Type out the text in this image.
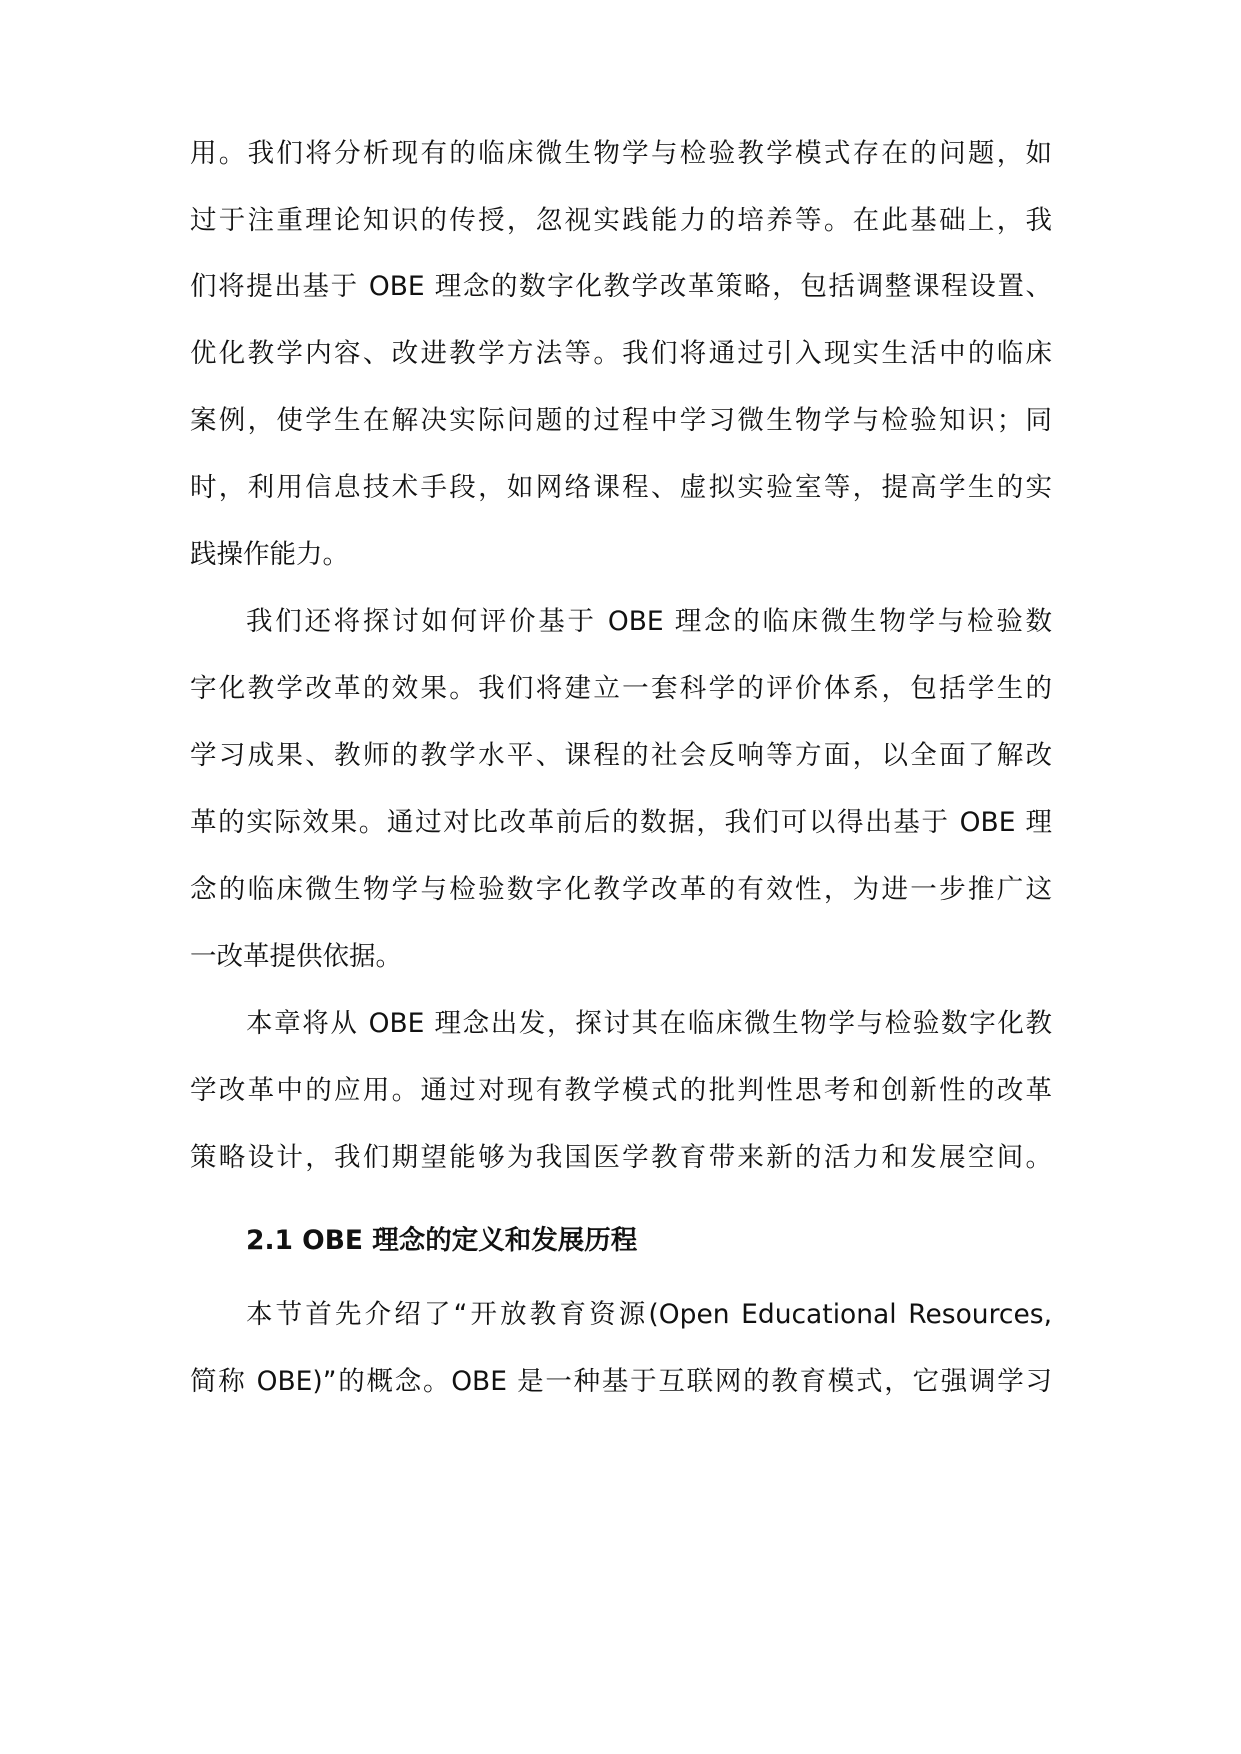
用。我们将分析现有的临床微生物学与检验教学模式存在的问题，如
过于注重理论知识的传授，忽视实践能力的培养等。在此基础上，我
们将提出基于 OBE 理念的数字化教学改革策略，包括调整课程设置、
优化教学内容、改进教学方法等。我们将通过引入现实生活中的临床
案例，使学生在解决实际问题的过程中学习微生物学与检验知识；同
时，利用信息技术手段，如网络课程、虚拟实验室等，提高学生的实
践操作能力。
我们还将探讨如何评价基于 OBE 理念的临床微生物学与检验数
字化教学改革的效果。我们将建立一套科学的评价体系，包括学生的
学习成果、教师的教学水平、课程的社会反响等方面，以全面了解改
革的实际效果。通过对比改革前后的数据，我们可以得出基于 OBE 理
念的临床微生物学与检验数字化教学改革的有效性，为进一步推广这
一改革提供依据。
本章将从 OBE 理念出发，探讨其在临床微生物学与检验数字化教
学改革中的应用。通过对现有教学模式的批判性思考和创新性的改革
策略设计，我们期望能够为我国医学教育带来新的活力和发展空间。
2.1 OBE 理念的定义和发展历程
本节首先介绍了“开放教育资源(Open Educational Resources,
简称 OBE)”的概念。OBE 是一种基于互联网的教育模式，它强调学习
